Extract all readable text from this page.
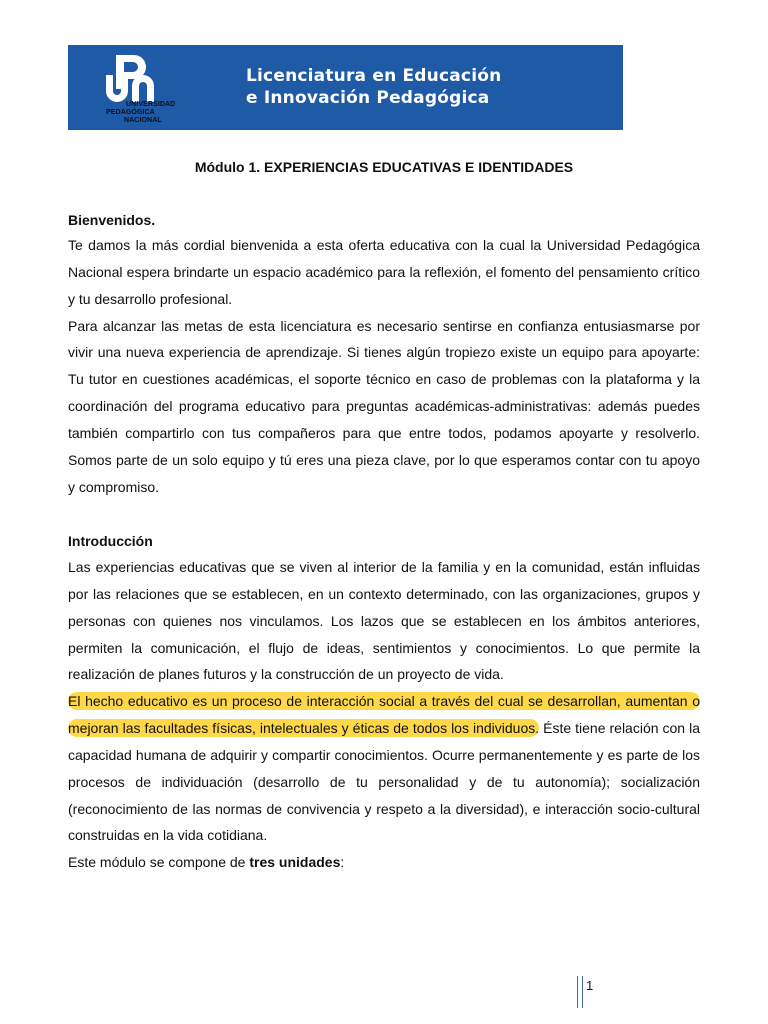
UNIVERSIDAD
PEDAGÓGICA
NACIONAL
Licenciatura en Educación
e Innovación Pedagógica
Módulo 1. EXPERIENCIAS EDUCATIVAS E IDENTIDADES
Bienvenidos.

Te damos la más cordial bienvenida a esta oferta educativa con la cual la Universidad Pedagógica Nacional espera brindarte un espacio académico para la reflexión, el fomento del pensamiento crítico y tu desarrollo profesional.

Para alcanzar las metas de esta licenciatura es necesario sentirse en confianza entusiasmarse por vivir una nueva experiencia de aprendizaje. Si tienes algún tropiezo existe un equipo para apoyarte: Tu tutor en cuestiones académicas, el soporte técnico en caso de problemas con la plataforma y la coordinación del programa educativo para preguntas académicas-administrativas: además puedes también compartirlo con tus compañeros para que entre todos, podamos apoyarte y resolverlo. Somos parte de un solo equipo y tú eres una pieza clave, por lo que esperamos contar con tu apoyo y compromiso.

Introducción

Las experiencias educativas que se viven al interior de la familia y en la comunidad, están influidas por las relaciones que se establecen, en un contexto determinado, con las organizaciones, grupos y personas con quienes nos vinculamos. Los lazos que se establecen en los ámbitos anteriores, permiten la comunicación, el flujo de ideas, sentimientos y conocimientos. Lo que permite la realización de planes futuros y la construcción de un proyecto de vida.

El hecho educativo es un proceso de interacción social a través del cual se desarrollan, aumentan o mejoran las facultades físicas, intelectuales y éticas de todos los individuos. Éste tiene relación con la capacidad humana de adquirir y compartir conocimientos. Ocurre permanentemente y es parte de los procesos de individuación (desarrollo de tu personalidad y de tu autonomía); socialización (reconocimiento de las normas de convivencia y respeto a la diversidad), e interacción socio-cultural construidas en la vida cotidiana.

Este módulo se compone de tres unidades:

1
